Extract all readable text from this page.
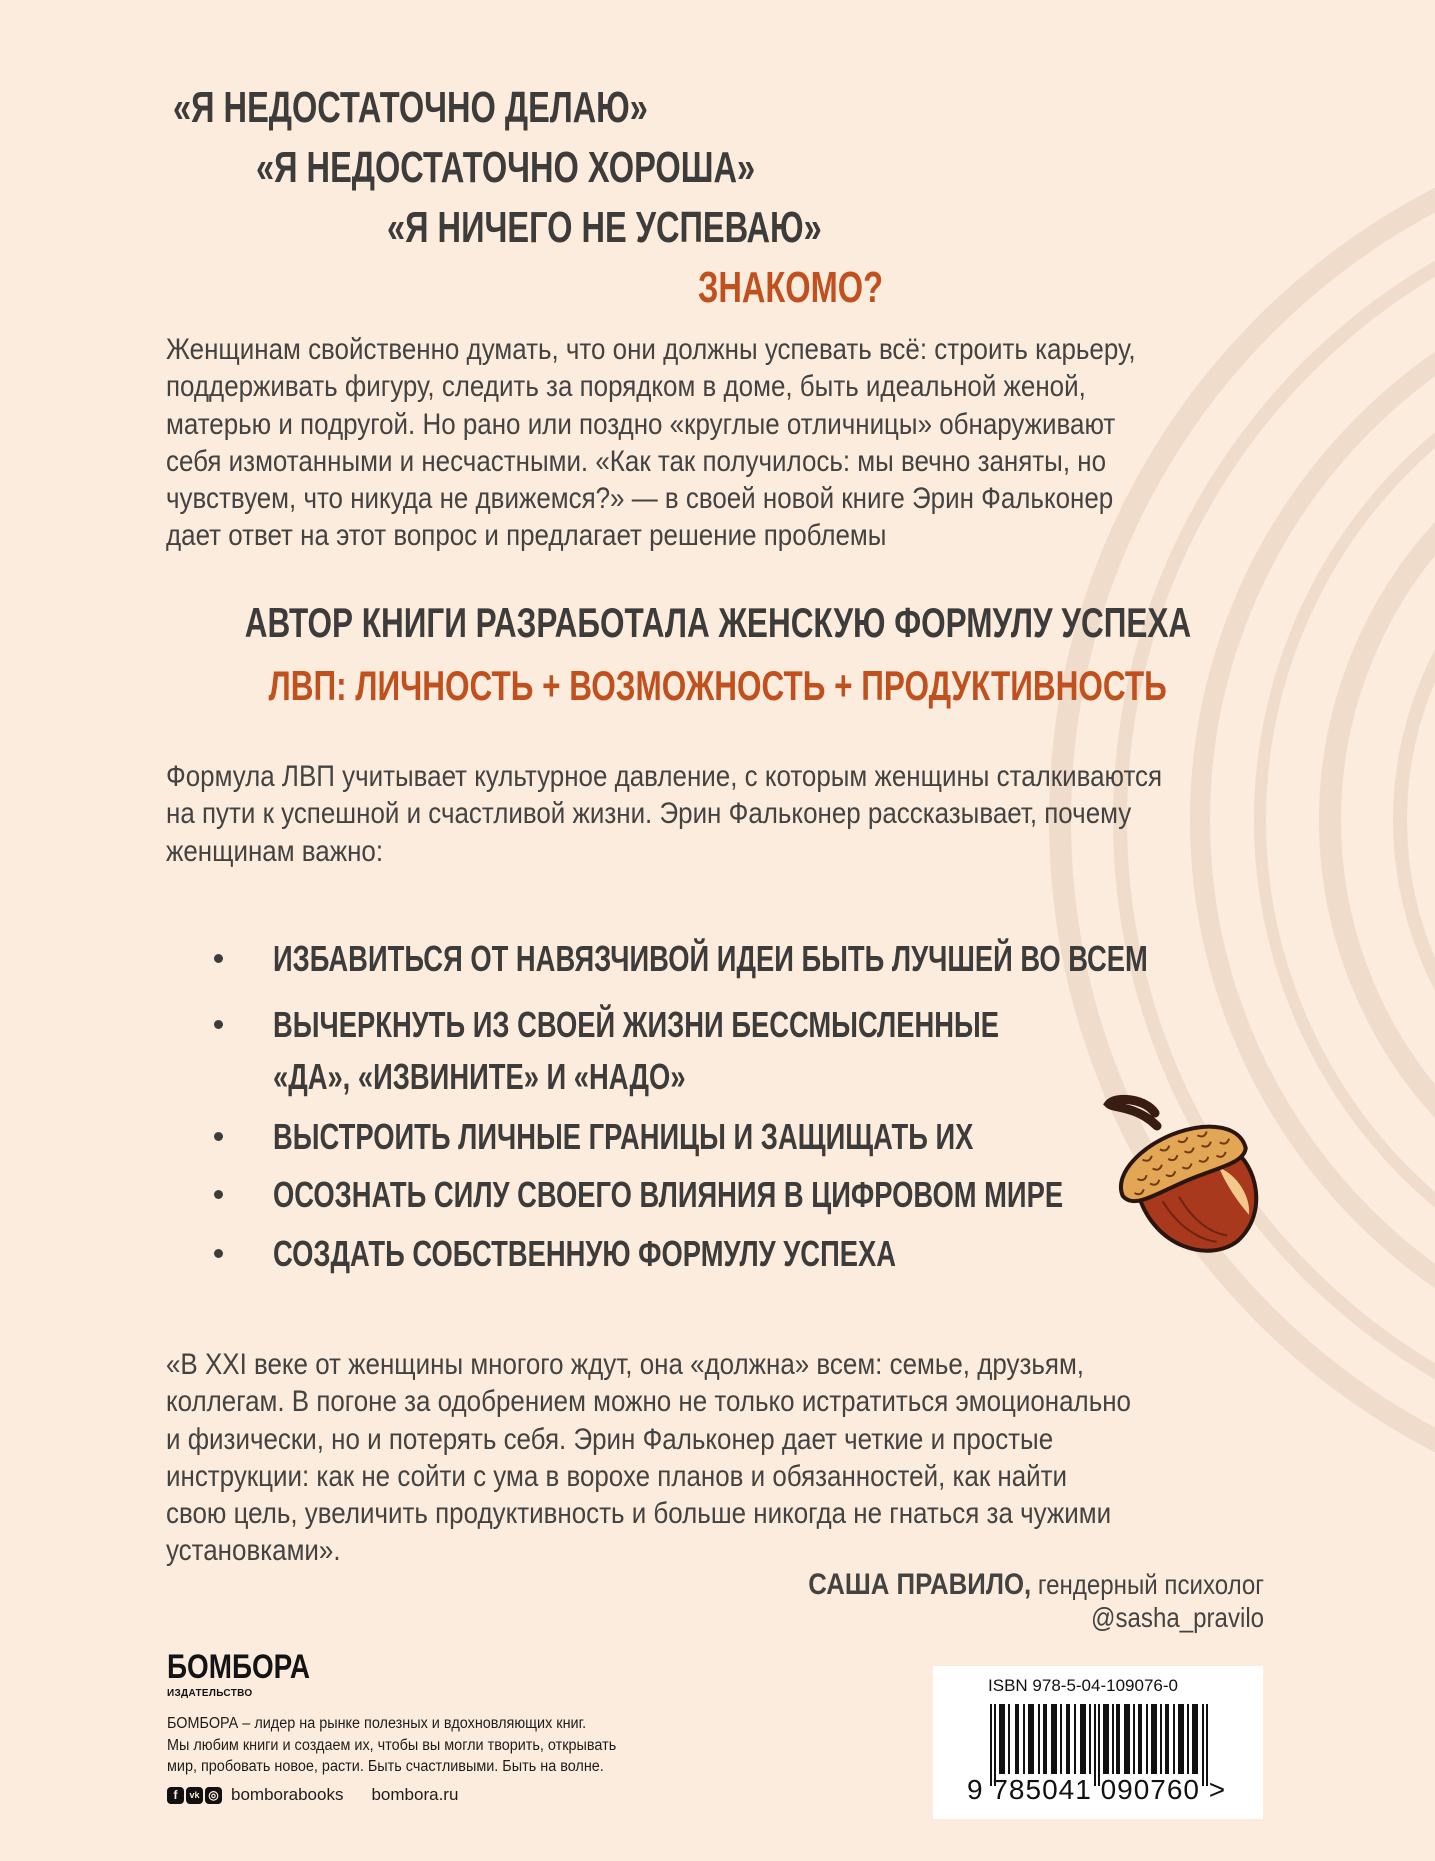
«Я НЕДОСТАТОЧНО ДЕЛАЮ»
«Я НЕДОСТАТОЧНО ХОРОША»
«Я НИЧЕГО НЕ УСПЕВАЮ»
ЗНАКОМО?
Женщинам свойственно думать, что они должны успевать всё: строить карьеру,
поддерживать фигуру, следить за порядком в доме, быть идеальной женой,
матерью и подругой. Но рано или поздно «круглые отличницы» обнаруживают
себя измотанными и несчастными. «Как так получилось: мы вечно заняты, но
чувствуем, что никуда не движемся?» — в своей новой книге Эрин Фальконер
дает ответ на этот вопрос и предлагает решение проблемы
АВТОР КНИГИ РАЗРАБОТАЛА ЖЕНСКУЮ ФОРМУЛУ УСПЕХА
ЛВП: ЛИЧНОСТЬ + ВОЗМОЖНОСТЬ + ПРОДУКТИВНОСТЬ
Формула ЛВП учитывает культурное давление, с которым женщины сталкиваются
на пути к успешной и счастливой жизни. Эрин Фальконер рассказывает, почему
женщинам важно:
ИЗБАВИТЬСЯ ОТ НАВЯЗЧИВОЙ ИДЕИ БЫТЬ ЛУЧШЕЙ ВО ВСЕМ
ВЫЧЕРКНУТЬ ИЗ СВОЕЙ ЖИЗНИ БЕССМЫСЛЕННЫЕ
«ДА», «ИЗВИНИТЕ» И «НАДО»
ВЫСТРОИТЬ ЛИЧНЫЕ ГРАНИЦЫ И ЗАЩИЩАТЬ ИХ
ОСОЗНАТЬ СИЛУ СВОЕГО ВЛИЯНИЯ В ЦИФРОВОМ МИРЕ
СОЗДАТЬ СОБСТВЕННУЮ ФОРМУЛУ УСПЕХА
«В XXI веке от женщины многого ждут, она «должна» всем: семье, друзьям,
коллегам. В погоне за одобрением можно не только истратиться эмоционально
и физически, но и потерять себя. Эрин Фальконер дает четкие и простые
инструкции: как не сойти с ума в ворохе планов и обязанностей, как найти
свою цель, увеличить продуктивность и больше никогда не гнаться за чужими
установками».
САША ПРАВИЛО, гендерный психолог
@sasha_pravilo
БОМБОРА
ИЗДАТЕЛЬСТВО
БОМБОРА – лидер на рынке полезных и вдохновляющих книг.
Мы любим книги и создаем их, чтобы вы могли творить, открывать
мир, пробовать новое, расти. Быть счастливыми. Быть на волне.
f	vk ◎ bomborabooks bombora.ru
ISBN 978-5-04-109076-0
9 785041 090760 >
